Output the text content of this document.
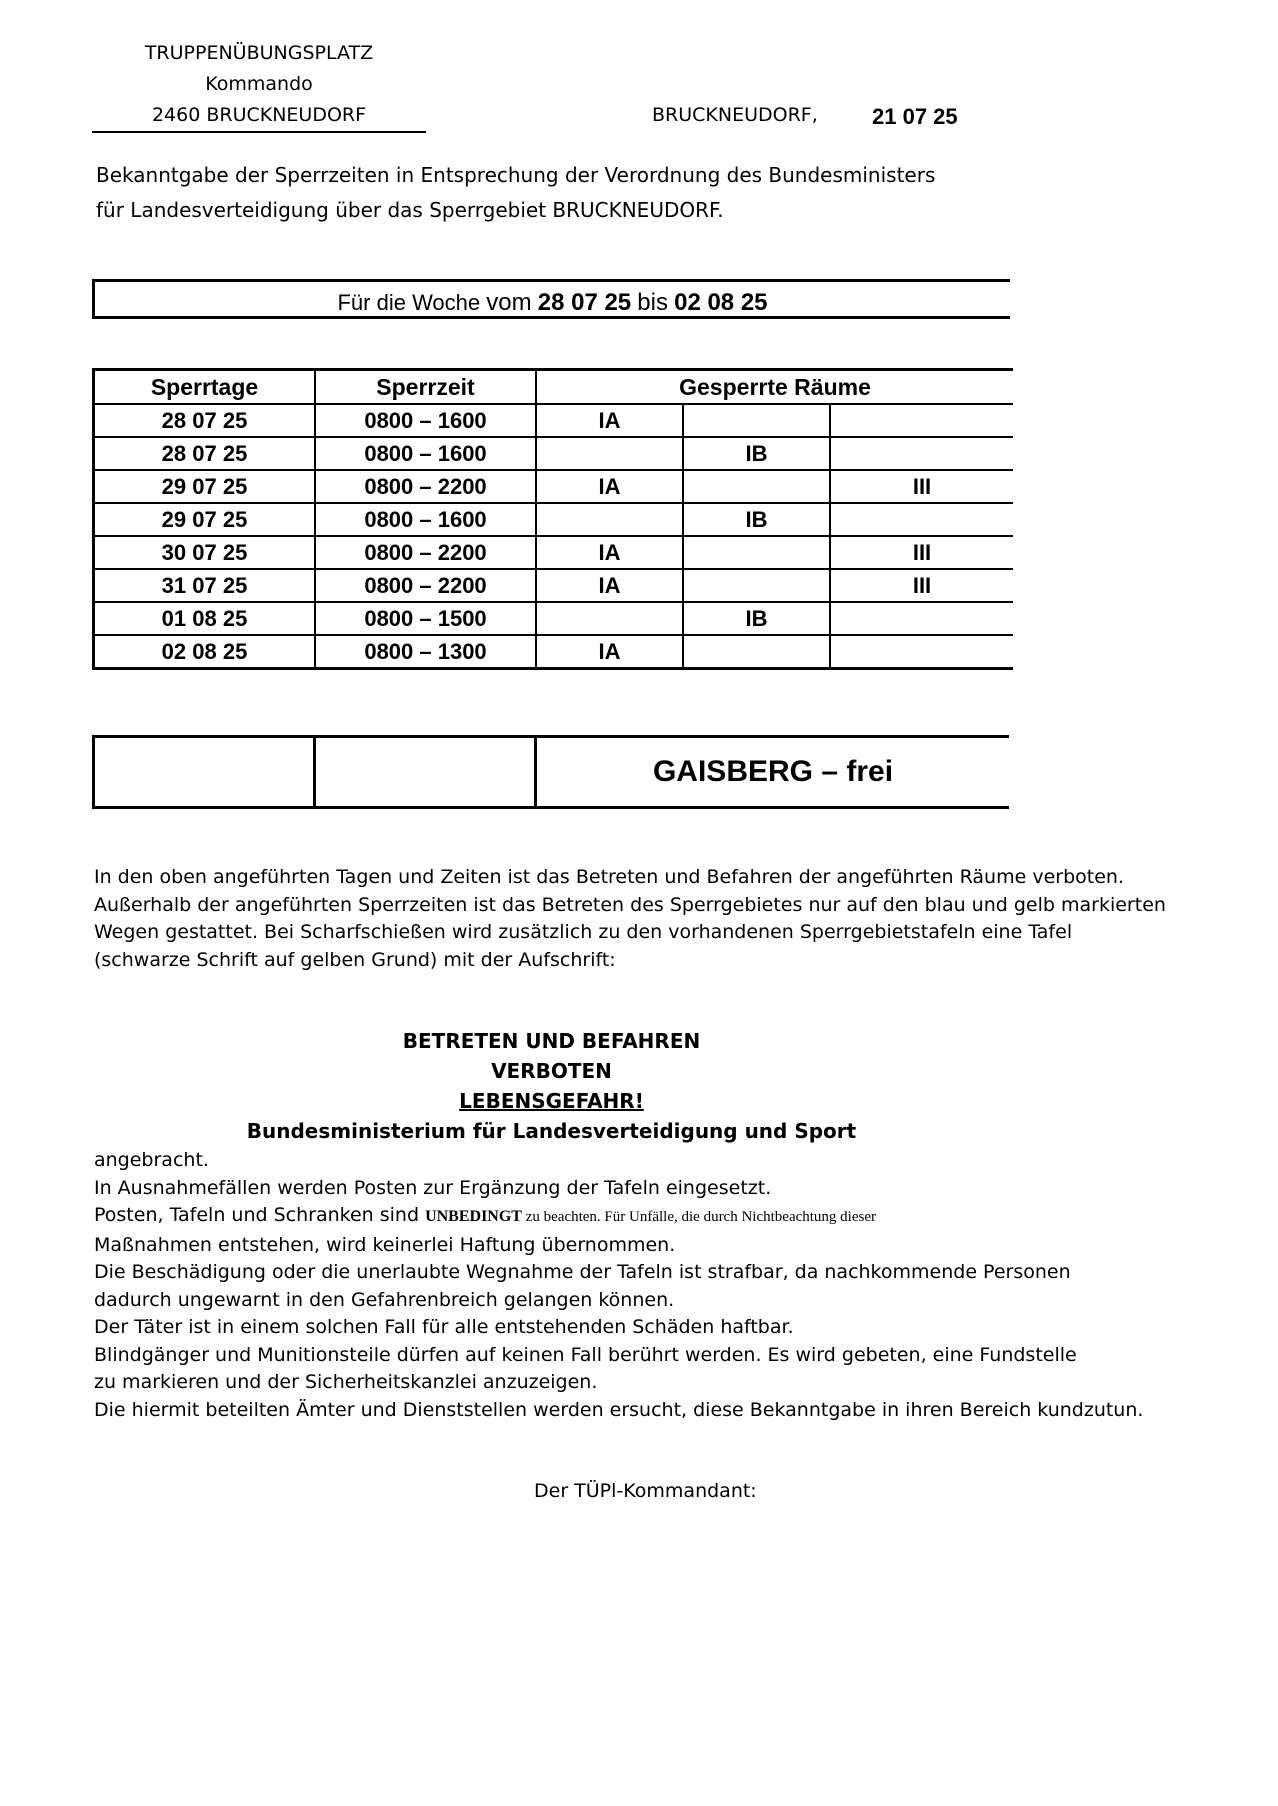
TRUPPENÜBUNGSPLATZ
Kommando
2460 BRUCKNEUDORF	BRUCKNEUDORF, 21 07 25
Bekanntgabe der Sperrzeiten in Entsprechung der Verordnung des Bundesministers
für Landesverteidigung über das Sperrgebiet BRUCKNEUDORF.
Für die Woche vom 28 07 25 bis 02 08 25
Sperrtage	Sperrzeit	Gesperrte Räume		
28 07 25	0800 – 1600	IA		
28 07 25	0800 – 1600		IB	
29 07 25	0800 – 2200	IA		III
29 07 25	0800 – 1600		IB	
30 07 25	0800 – 2200	IA		III
31 07 25	0800 – 2200	IA		III
01 08 25	0800 – 1500		IB	
02 08 25	0800 – 1300	IA		
		GAISBERG – frei
In den oben angeführten Tagen und Zeiten ist das Betreten und Befahren der angeführten Räume verboten.
Außerhalb der angeführten Sperrzeiten ist das Betreten des Sperrgebietes nur auf den blau und gelb markierten
Wegen gestattet. Bei Scharfschießen wird zusätzlich zu den vorhandenen Sperrgebietstafeln eine Tafel
(schwarze Schrift auf gelben Grund) mit der Aufschrift:
BETRETEN UND BEFAHREN
VERBOTEN
LEBENSGEFAHR!
Bundesministerium für Landesverteidigung und Sport
angebracht.
In Ausnahmefällen werden Posten zur Ergänzung der Tafeln eingesetzt.
Posten, Tafeln und Schranken sind UNBEDINGT zu beachten. Für Unfälle, die durch Nichtbeachtung dieser
Maßnahmen entstehen, wird keinerlei Haftung übernommen.
Die Beschädigung oder die unerlaubte Wegnahme der Tafeln ist strafbar, da nachkommende Personen
dadurch ungewarnt in den Gefahrenbreich gelangen können.
Der Täter ist in einem solchen Fall für alle entstehenden Schäden haftbar.
Blindgänger und Munitionsteile dürfen auf keinen Fall berührt werden. Es wird gebeten, eine Fundstelle
zu markieren und der Sicherheitskanzlei anzuzeigen.
Die hiermit beteilten Ämter und Dienststellen werden ersucht, diese Bekanntgabe in ihren Bereich kundzutun.
Der TÜPl-Kommandant:
